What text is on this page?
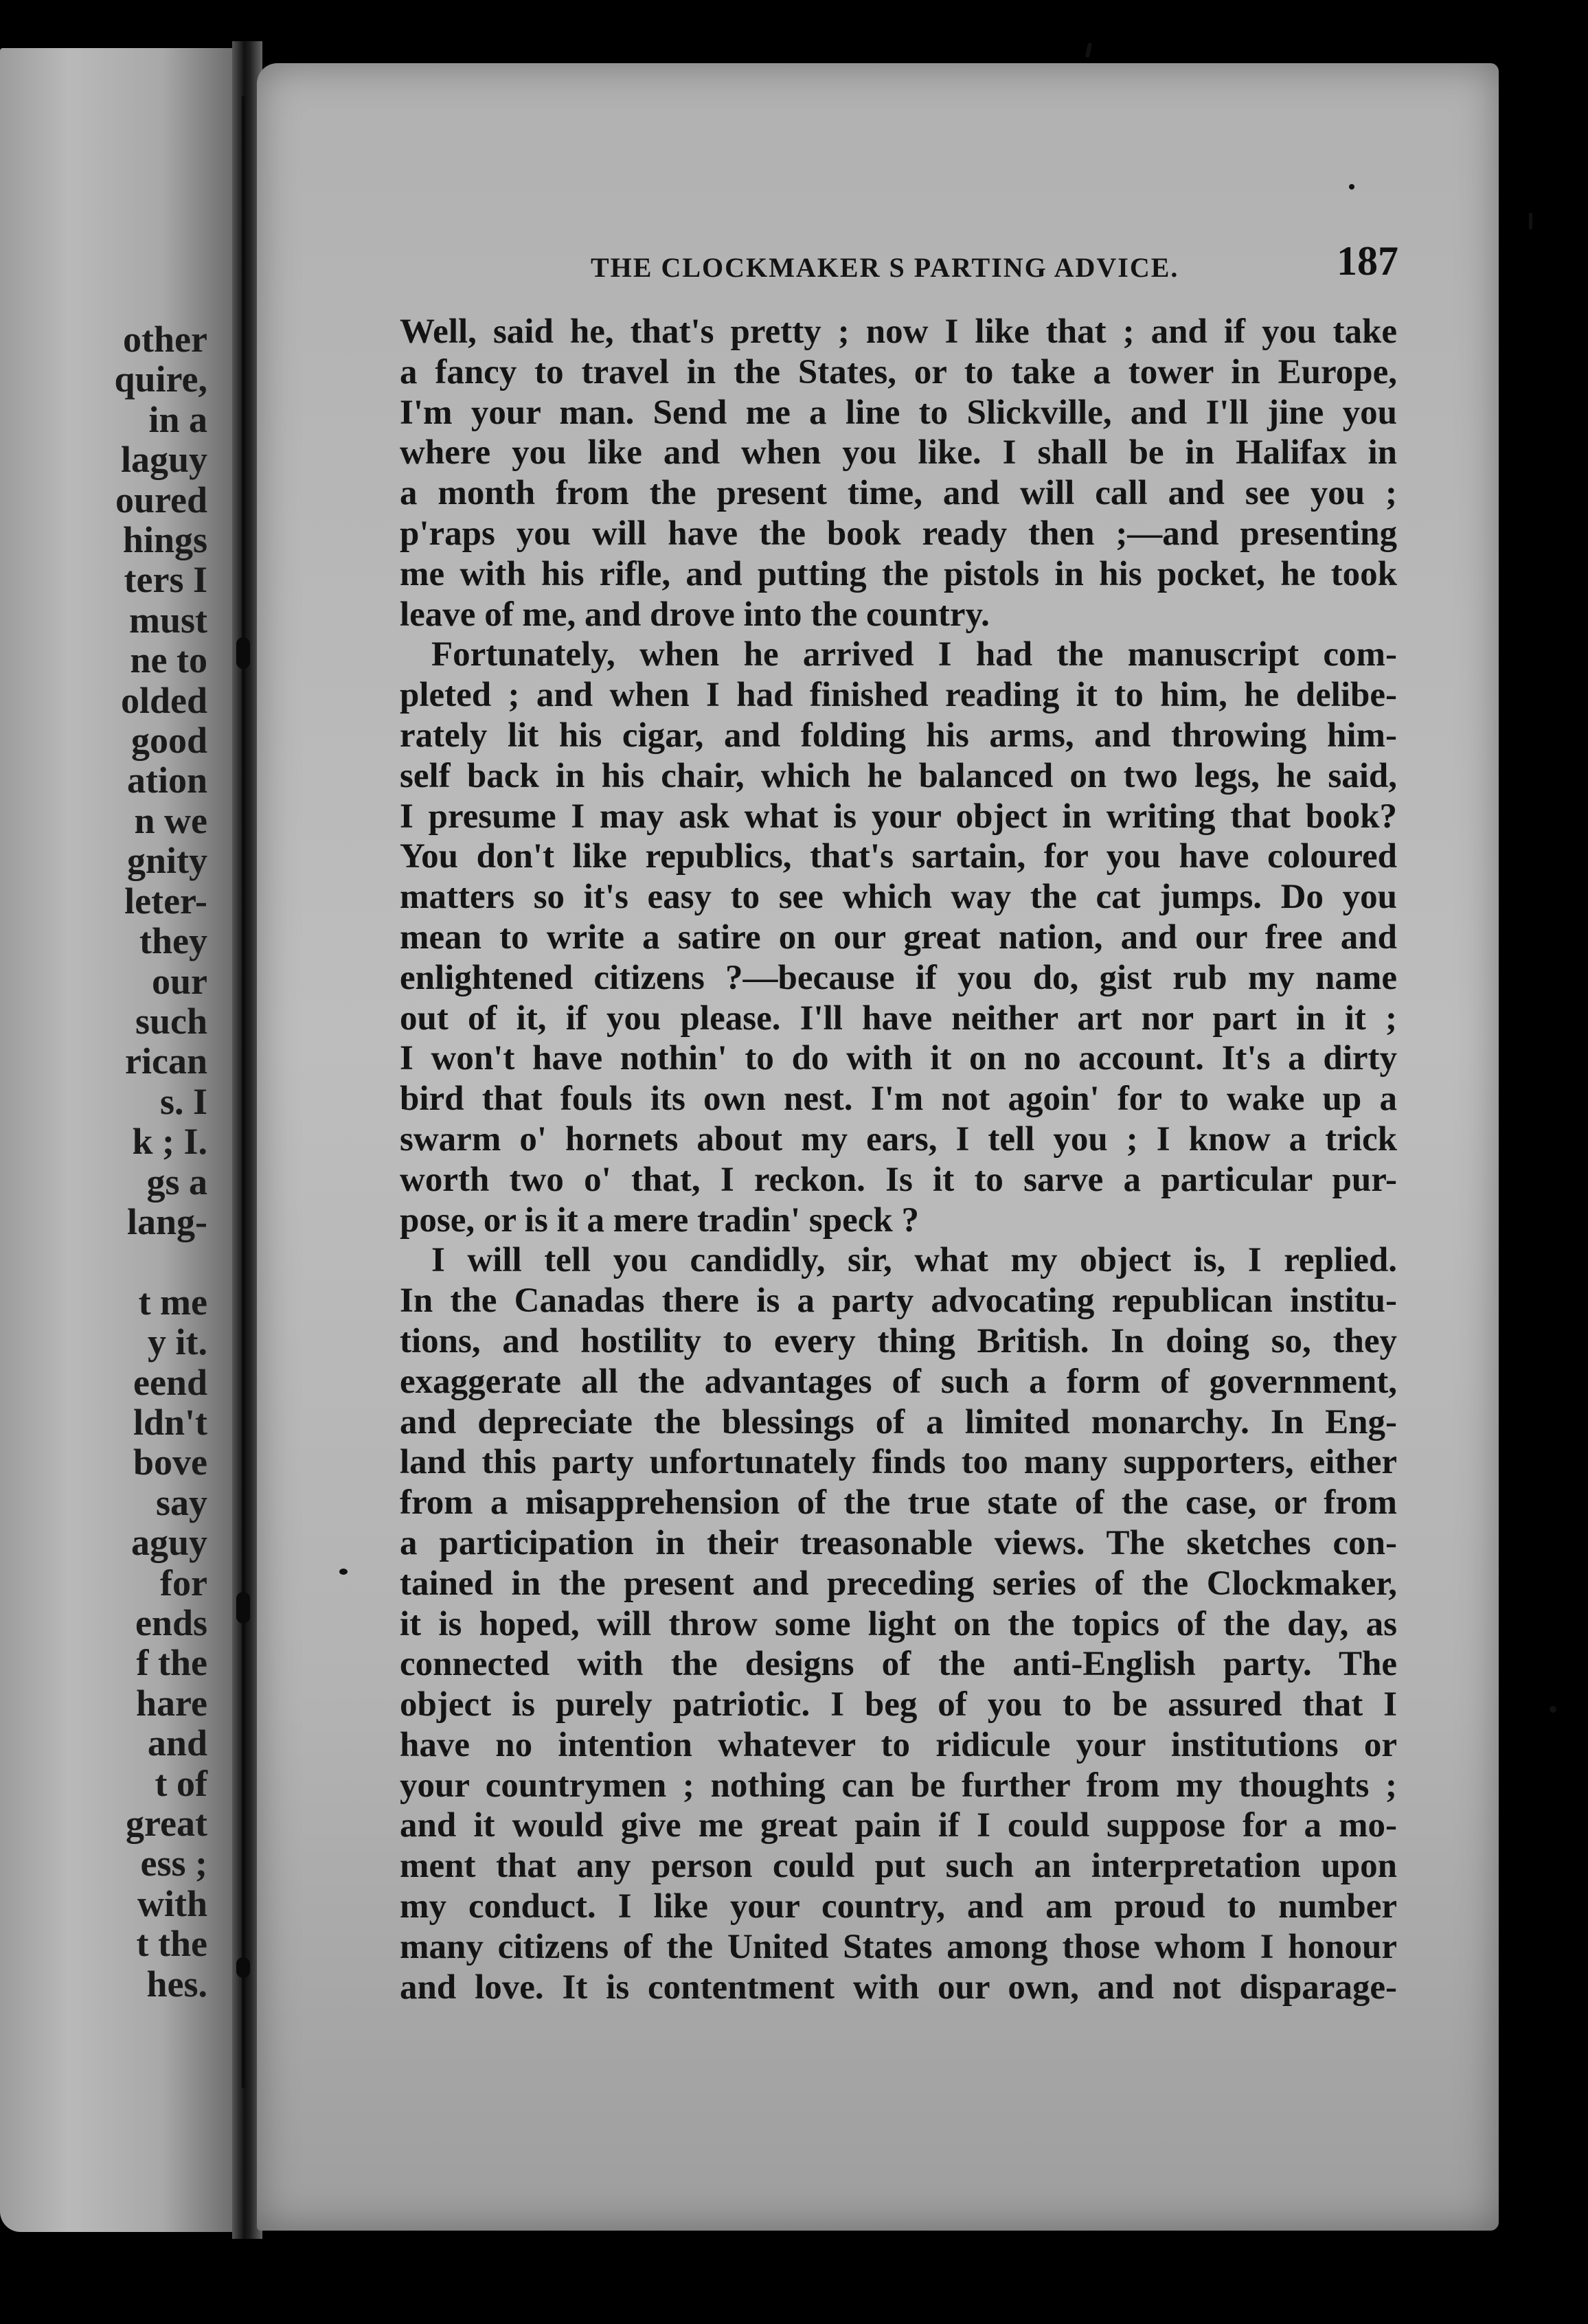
other
quire,
in a
laguy
oured
hings
ters I
must
ne to
olded
good
ation
n we
gnity
leter-
they
our
such
rican
s. I
k ; I.
gs a
lang-
t me
y it.
eend
ldn't
bove
say
aguy
for
ends
f the
hare
and
t of
great
ess ;
with
t the
hes.
THE CLOCKMAKER S PARTING ADVICE.	187
Well, said he, that's pretty ; now I like that ; and if you take
a fancy to travel in the States, or to take a tower in Europe,
I'm your man. Send me a line to Slickville, and I'll jine you
where you like and when you like. I shall be in Halifax in
a month from the present time, and will call and see you ;
p'raps you will have the book ready then ;—and presenting
me with his rifle, and putting the pistols in his pocket, he took
leave of me, and drove into the country.
Fortunately, when he arrived I had the manuscript com-
pleted ; and when I had finished reading it to him, he delibe-
rately lit his cigar, and folding his arms, and throwing him-
self back in his chair, which he balanced on two legs, he said,
I presume I may ask what is your object in writing that book?
You don't like republics, that's sartain, for you have coloured
matters so it's easy to see which way the cat jumps. Do you
mean to write a satire on our great nation, and our free and
enlightened citizens ?—because if you do, gist rub my name
out of it, if you please. I'll have neither art nor part in it ;
I won't have nothin' to do with it on no account. It's a dirty
bird that fouls its own nest. I'm not agoin' for to wake up a
swarm o' hornets about my ears, I tell you ; I know a trick
worth two o' that, I reckon. Is it to sarve a particular pur-
pose, or is it a mere tradin' speck ?
I will tell you candidly, sir, what my object is, I replied.
In the Canadas there is a party advocating republican institu-
tions, and hostility to every thing British. In doing so, they
exaggerate all the advantages of such a form of government,
and depreciate the blessings of a limited monarchy. In Eng-
land this party unfortunately finds too many supporters, either
from a misapprehension of the true state of the case, or from
a participation in their treasonable views. The sketches con-
tained in the present and preceding series of the Clockmaker,
it is hoped, will throw some light on the topics of the day, as
connected with the designs of the anti-English party. The
object is purely patriotic. I beg of you to be assured that I
have no intention whatever to ridicule your institutions or
your countrymen ; nothing can be further from my thoughts ;
and it would give me great pain if I could suppose for a mo-
ment that any person could put such an interpretation upon
my conduct. I like your country, and am proud to number
many citizens of the United States among those whom I honour
and love. It is contentment with our own, and not disparage-
